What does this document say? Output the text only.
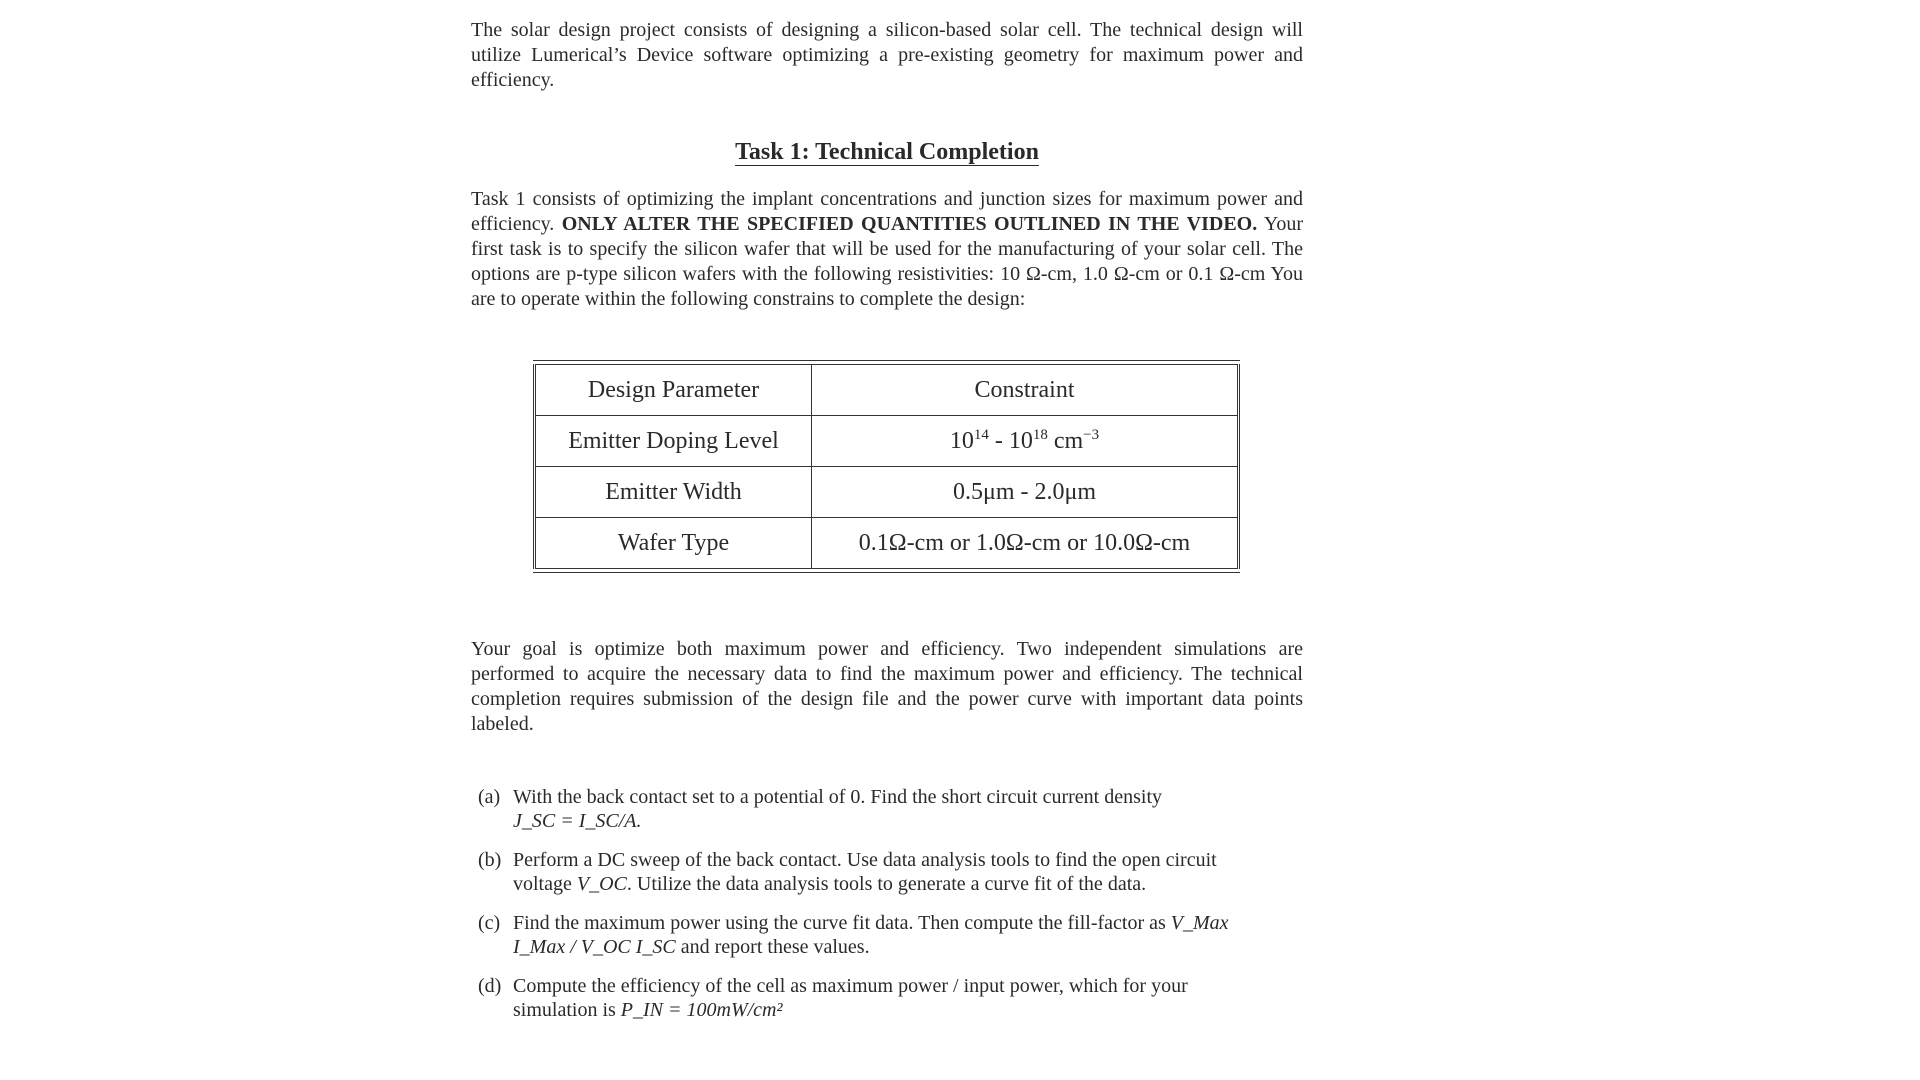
The solar design project consists of designing a silicon-based solar cell. The technical design will utilize Lumerical’s Device software optimizing a pre-existing geometry for maximum power and efficiency.

Task 1: Technical Completion

Task 1 consists of optimizing the implant concentrations and junction sizes for maximum power and efficiency. ONLY ALTER THE SPECIFIED QUANTITIES OUTLINED IN THE VIDEO. Your first task is to specify the silicon wafer that will be used for the manufacturing of your solar cell. The options are p-type silicon wafers with the following resistivities: 10 Ω-cm, 1.0 Ω-cm or 0.1 Ω-cm You are to operate within the following constrains to complete the design:

Design Parameter	Constraint
Emitter Doping Level	$10^{14} - 10^{18}$ $cm^{-3}$
Emitter Width	0.5μm - 2.0μm
Wafer Type	0.1Ω-cm or 1.0Ω-cm or 10.0Ω-cm

Your goal is optimize both maximum power and efficiency. Two independent simulations are performed to acquire the necessary data to find the maximum power and efficiency. The technical completion requires submission of the design file and the power curve with important data points labeled.

(a) With the back contact set to a potential of 0. Find the short circuit current density
J_SC = I_SC/A.
(b) Perform a DC sweep of the back contact. Use data analysis tools to find the open circuit voltage V_OC. Utilize the data analysis tools to generate a curve fit of the data.
(c) Find the maximum power using the curve fit data. Then compute the fill-factor as V_Max I_Max / V_OC I_SC and report these values.
(d) Compute the efficiency of the cell as maximum power / input power, which for your simulation is P_IN = 100mW/cm²
